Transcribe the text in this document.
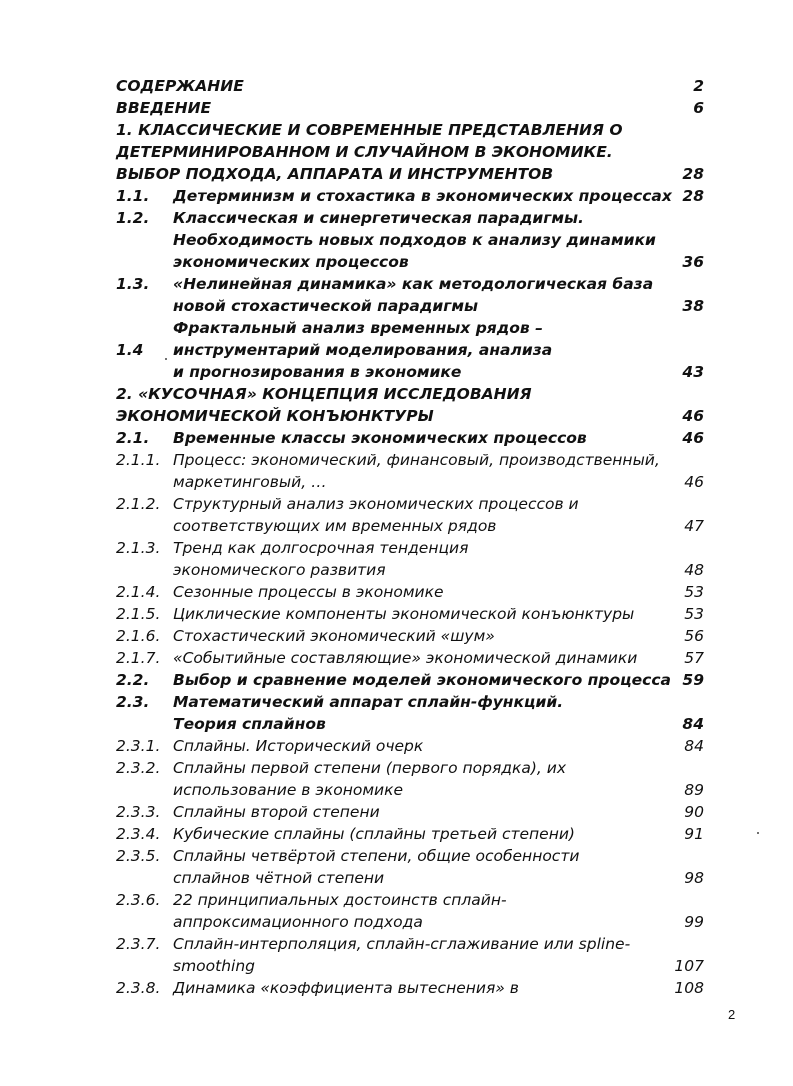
СОДЕРЖАНИЕ	2
ВВЕДЕНИЕ	6
1. КЛАССИЧЕСКИЕ И СОВРЕМЕННЫЕ ПРЕДСТАВЛЕНИЯ О
ДЕТЕРМИНИРОВАННОМ И СЛУЧАЙНОМ В ЭКОНОМИКЕ.
ВЫБОР ПОДХОДА, АППАРАТА И ИНСТРУМЕНТОВ	28
1.1. Детерминизм и стохастика в экономических процессах 28
1.2. Классическая и синергетическая парадигмы.
Необходимость новых подходов к анализу динамики
экономических процессов	36
1.3. «Нелинейная динамика» как методологическая база
новой стохастической парадигмы	38
Фрактальный анализ временных рядов –
1.4 инструментарий моделирования, анализа
и прогнозирования в экономике	43
2. «КУСОЧНАЯ» КОНЦЕПЦИЯ ИССЛЕДОВАНИЯ
ЭКОНОМИЧЕСКОЙ КОНЪЮНКТУРЫ	46
2.1. Временные классы экономических процессов	46
2.1.1. Процесс: экономический, финансовый, производственный,
маркетинговый, …	46
2.1.2. Структурный анализ экономических процессов и
соответствующих им временных рядов	47
2.1.3. Тренд как долгосрочная тенденция
экономического развития	48
2.1.4. Сезонные процессы в экономике	53
2.1.5. Циклические компоненты экономической конъюнктуры	53
2.1.6. Стохастический экономический «шум»	56
2.1.7. «Событийные составляющие» экономической динамики	57
2.2. Выбор и сравнение моделей экономического процесса 59
2.3. Математический аппарат сплайн-функций.
Теория сплайнов	84
2.3.1. Сплайны. Исторический очерк	84
2.3.2. Сплайны первой степени (первого порядка), их
использование в экономике	89
2.3.3. Сплайны второй степени	90
2.3.4. Кубические сплайны (сплайны третьей степени)	91
2.3.5. Сплайны четвёртой степени, общие особенности
сплайнов чётной степени	98
2.3.6. 22 принципиальных достоинств сплайн-
аппроксимационного подхода	99
2.3.7. Сплайн-интерполяция, сплайн-сглаживание или spline-
smoothing	107
2.3.8. Динамика «коэффициента вытеснения» в	108
2
